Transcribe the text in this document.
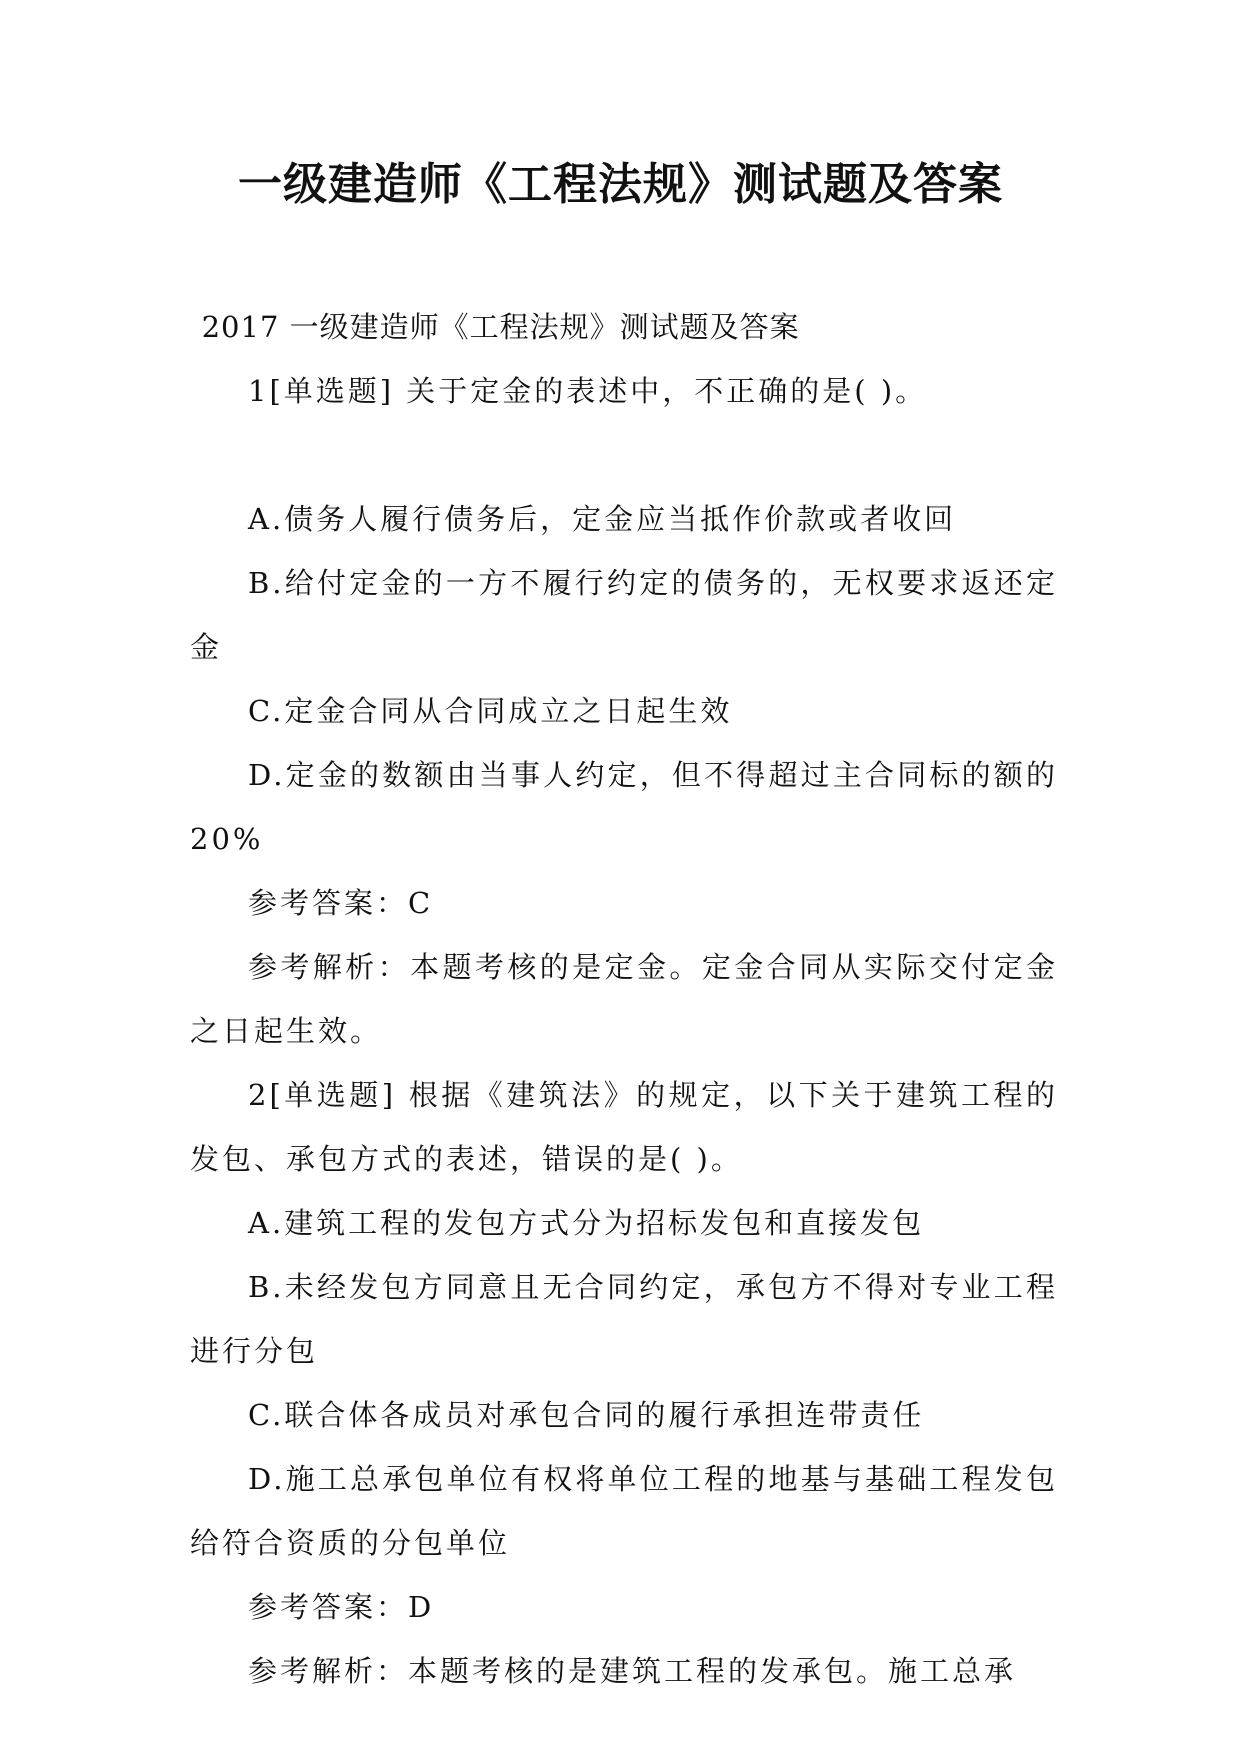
一级建造师《工程法规》测试题及答案

2017 一级建造师《工程法规》测试题及答案

1[单选题] 关于定金的表述中，不正确的是( )。

A.债务人履行债务后，定金应当抵作价款或者收回

B.给付定金的一方不履行约定的债务的，无权要求返还定金

C.定金合同从合同成立之日起生效

D.定金的数额由当事人约定，但不得超过主合同标的额的 20%

参考答案：C

参考解析：本题考核的是定金。定金合同从实际交付定金之日起生效。

2[单选题] 根据《建筑法》的规定，以下关于建筑工程的发包、承包方式的表述，错误的是( )。

A.建筑工程的发包方式分为招标发包和直接发包

B.未经发包方同意且无合同约定，承包方不得对专业工程进行分包

C.联合体各成员对承包合同的履行承担连带责任

D.施工总承包单位有权将单位工程的地基与基础工程发包给符合资质的分包单位

参考答案：D

参考解析：本题考核的是建筑工程的发承包。施工总承
